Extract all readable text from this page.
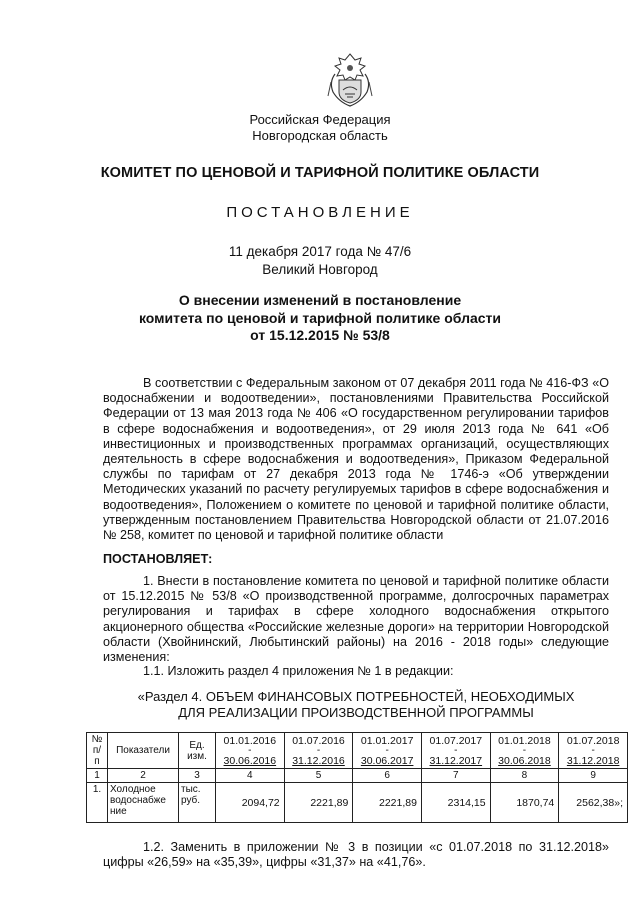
Российская Федерация
Новгородская область
КОМИТЕТ ПО ЦЕНОВОЙ И ТАРИФНОЙ ПОЛИТИКЕ ОБЛАСТИ
ПОСТАНОВЛЕНИЕ
11 декабря 2017 года № 47/6
Великий Новгород
О внесении изменений в постановление
комитета по ценовой и тарифной политике области
от 15.12.2015 № 53/8
В соответствии с Федеральным законом от 07 декабря 2011 года № 416-ФЗ «О водоснабжении и водоотведении», постановлениями Правительства Российской Федерации от 13 мая 2013 года № 406 «О государственном регулировании тарифов в сфере водоснабжения и водоотведения», от 29 июля 2013 года № 641 «Об инвестиционных и производственных программах организаций, осуществляющих деятельность в сфере водоснабжения и водоотведения», Приказом Федеральной службы по тарифам от 27 декабря 2013 года № 1746-э «Об утверждении Методических указаний по расчету регулируемых тарифов в сфере водоснабжения и водоотведения», Положением о комитете по ценовой и тарифной политике области, утвержденным постановлением Правительства Новгородской области от 21.07.2016 № 258, комитет по ценовой и тарифной политике области
ПОСТАНОВЛЯЕТ:
1. Внести в постановление комитета по ценовой и тарифной политике области от 15.12.2015 № 53/8 «О производственной программе, долгосрочных параметрах регулирования и тарифах в сфере холодного водоснабжения открытого акционерного общества «Российские железные дороги» на территории Новгородской области (Хвойнинский, Любытинский районы) на 2016 - 2018 годы» следующие изменения:
1.1. Изложить раздел 4 приложения № 1 в редакции:
«Раздел 4. ОБЪЕМ ФИНАНСОВЫХ ПОТРЕБНОСТЕЙ, НЕОБХОДИМЫХ
ДЛЯ РЕАЛИЗАЦИИ ПРОИЗВОДСТВЕННОЙ ПРОГРАММЫ
№ п/ п	Показатели	Ед. изм.	01.01.2016
-
30.06.2016	01.07.2016
-
31.12.2016	01.01.2017
-
30.06.2017	01.07.2017
-
31.12.2017	01.01.2018
-
30.06.2018	01.07.2018
-
31.12.2018

1	2	3	4	5	6	7	8	9
1.	Холодное водоснабже ние	тыс. руб.	2094,72	2221,89	2221,89	2314,15	1870,74	2562,38»;
1.2. Заменить в приложении № 3 в позиции «с 01.07.2018 по 31.12.2018» цифры «26,59» на «35,39», цифры «31,37» на «41,76».
